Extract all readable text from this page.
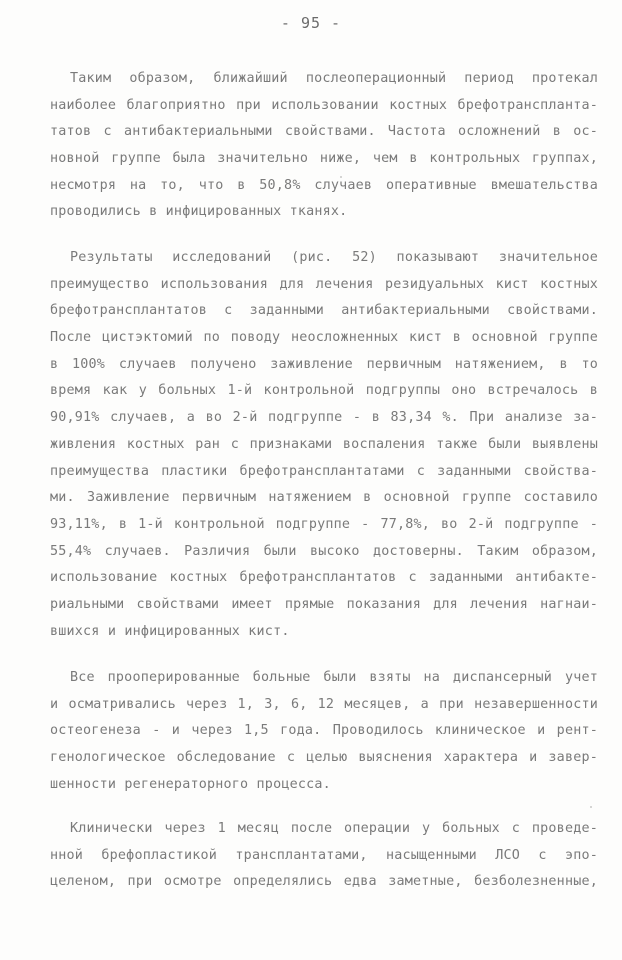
- 95 -
Таким образом, ближайший послеоперационный период протекал
наиболее благоприятно при использовании костных брефотранспланта-
татов с антибактериальными свойствами. Частота осложнений в ос-
новной группе была значительно ниже, чем в контрольных группах,
несмотря на то, что в 50,8% случаев оперативные вмешательства
проводились в инфицированных тканях.
Результаты исследований (рис. 52) показывают значительное
преимущество использования для лечения резидуальных кист костных
брефотрансплантатов с заданными антибактериальными свойствами.
После цистэктомий по поводу неосложненных кист в основной группе
в 100% случаев получено заживление первичным натяжением, в то
время как у больных 1-й контрольной подгруппы оно встречалось в
90,91% случаев, а во 2-й подгруппе - в 83,34 %. При анализе за-
живления костных ран с признаками воспаления также были выявлены
преимущества пластики брефотрансплантатами с заданными свойства-
ми. Заживление первичным натяжением в основной группе составило
93,11%, в 1-й контрольной подгруппе - 77,8%, во 2-й подгруппе -
55,4% случаев. Различия были высоко достоверны. Таким образом,
использование костных брефотрансплантатов с заданными антибакте-
риальными свойствами имеет прямые показания для лечения нагнаи-
вшихся и инфицированных кист.
Все прооперированные больные были взяты на диспансерный учет
и осматривались через 1, 3, 6, 12 месяцев, а при незавершенности
остеогенеза - и через 1,5 года. Проводилось клиническое и рент-
генологическое обследование с целью выяснения характера и завер-
шенности регенераторного процесса.
Клинически через 1 месяц после операции у больных с проведе-
нной брефопластикой трансплантатами, насыщенными ЛСО с эпо-
целеном, при осмотре определялись едва заметные, безболезненные,
